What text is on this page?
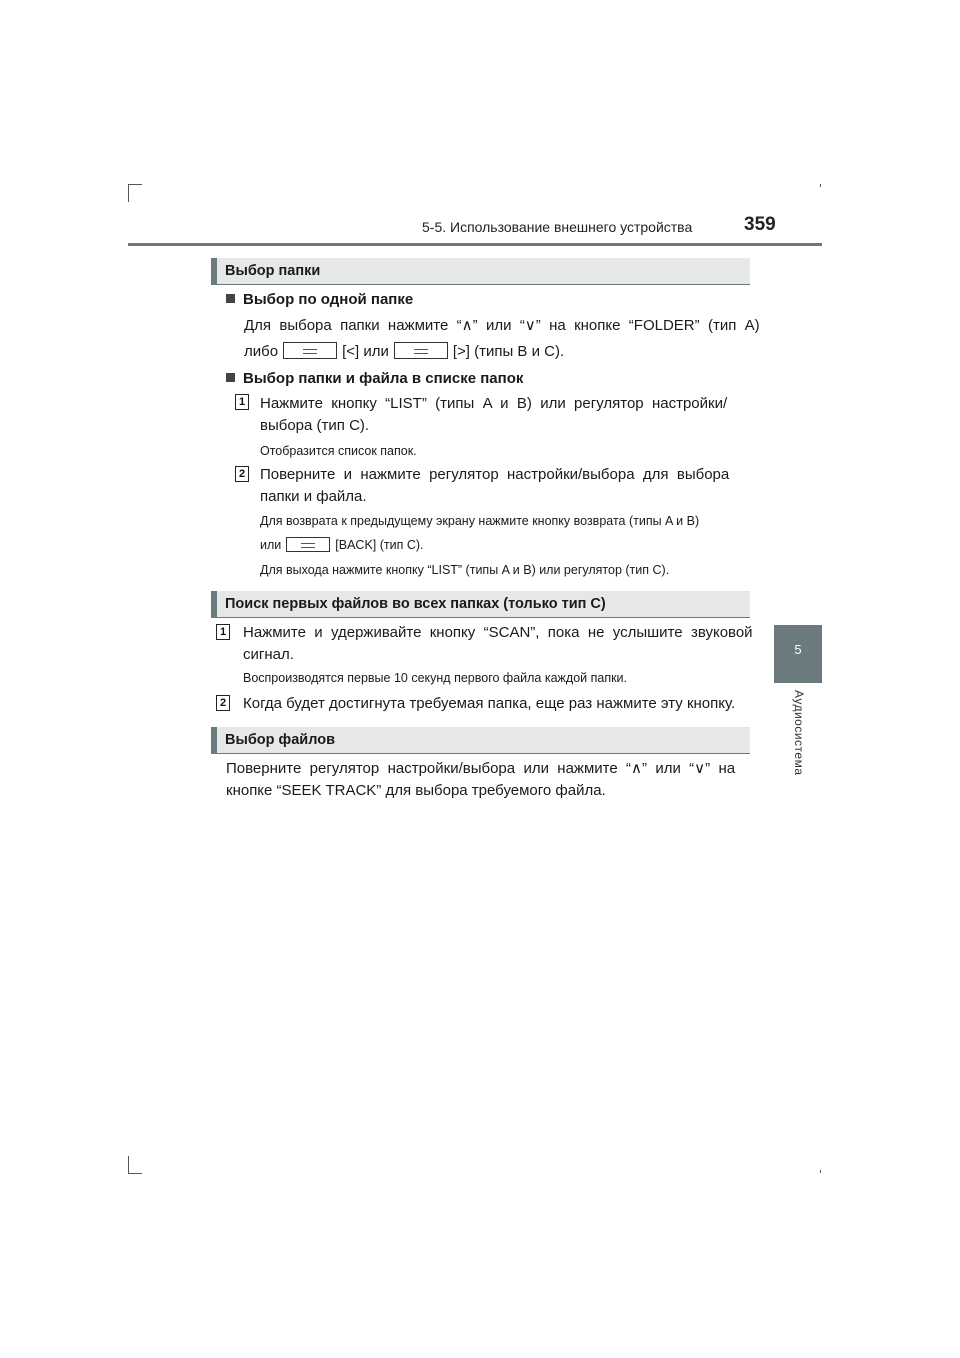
5-5. Использование внешнего устройства	359
5
Аудиосистема
Выбор папки
Выбор по одной папке
Для  выбора  папки  нажмите  “∧”  или  “∨”  на  кнопке  “FOLDER”  (тип  A)
либо	[<] или	[>] (типы B и C).
Выбор папки и файла в списке папок
1 Нажмите  кнопку  “LIST”  (типы  A  и  B)  или  регулятор  настройки/
выбора (тип C).
Отобразится список папок.
2 Поверните  и  нажмите  регулятор  настройки/выбора  для  выбора
папки и файла.
Для возврата к предыдущему экрану нажмите кнопку возврата (типы A и B)
или	[BACK] (тип C).
Для выхода нажмите кнопку “LIST” (типы A и B) или регулятор (тип C).
Поиск первых файлов во всех папках (только тип C)
1 Нажмите  и  удерживайте  кнопку  “SCAN”,  пока  не  услышите  звуковой
сигнал.
Воспроизводятся первые 10 секунд первого файла каждой папки.
2 Когда будет достигнута требуемая папка, еще раз нажмите эту кнопку.
Выбор файлов
Поверните  регулятор  настройки/выбора  или  нажмите  “∧”  или  “∨”  на
кнопке “SEEK TRACK” для выбора требуемого файла.
